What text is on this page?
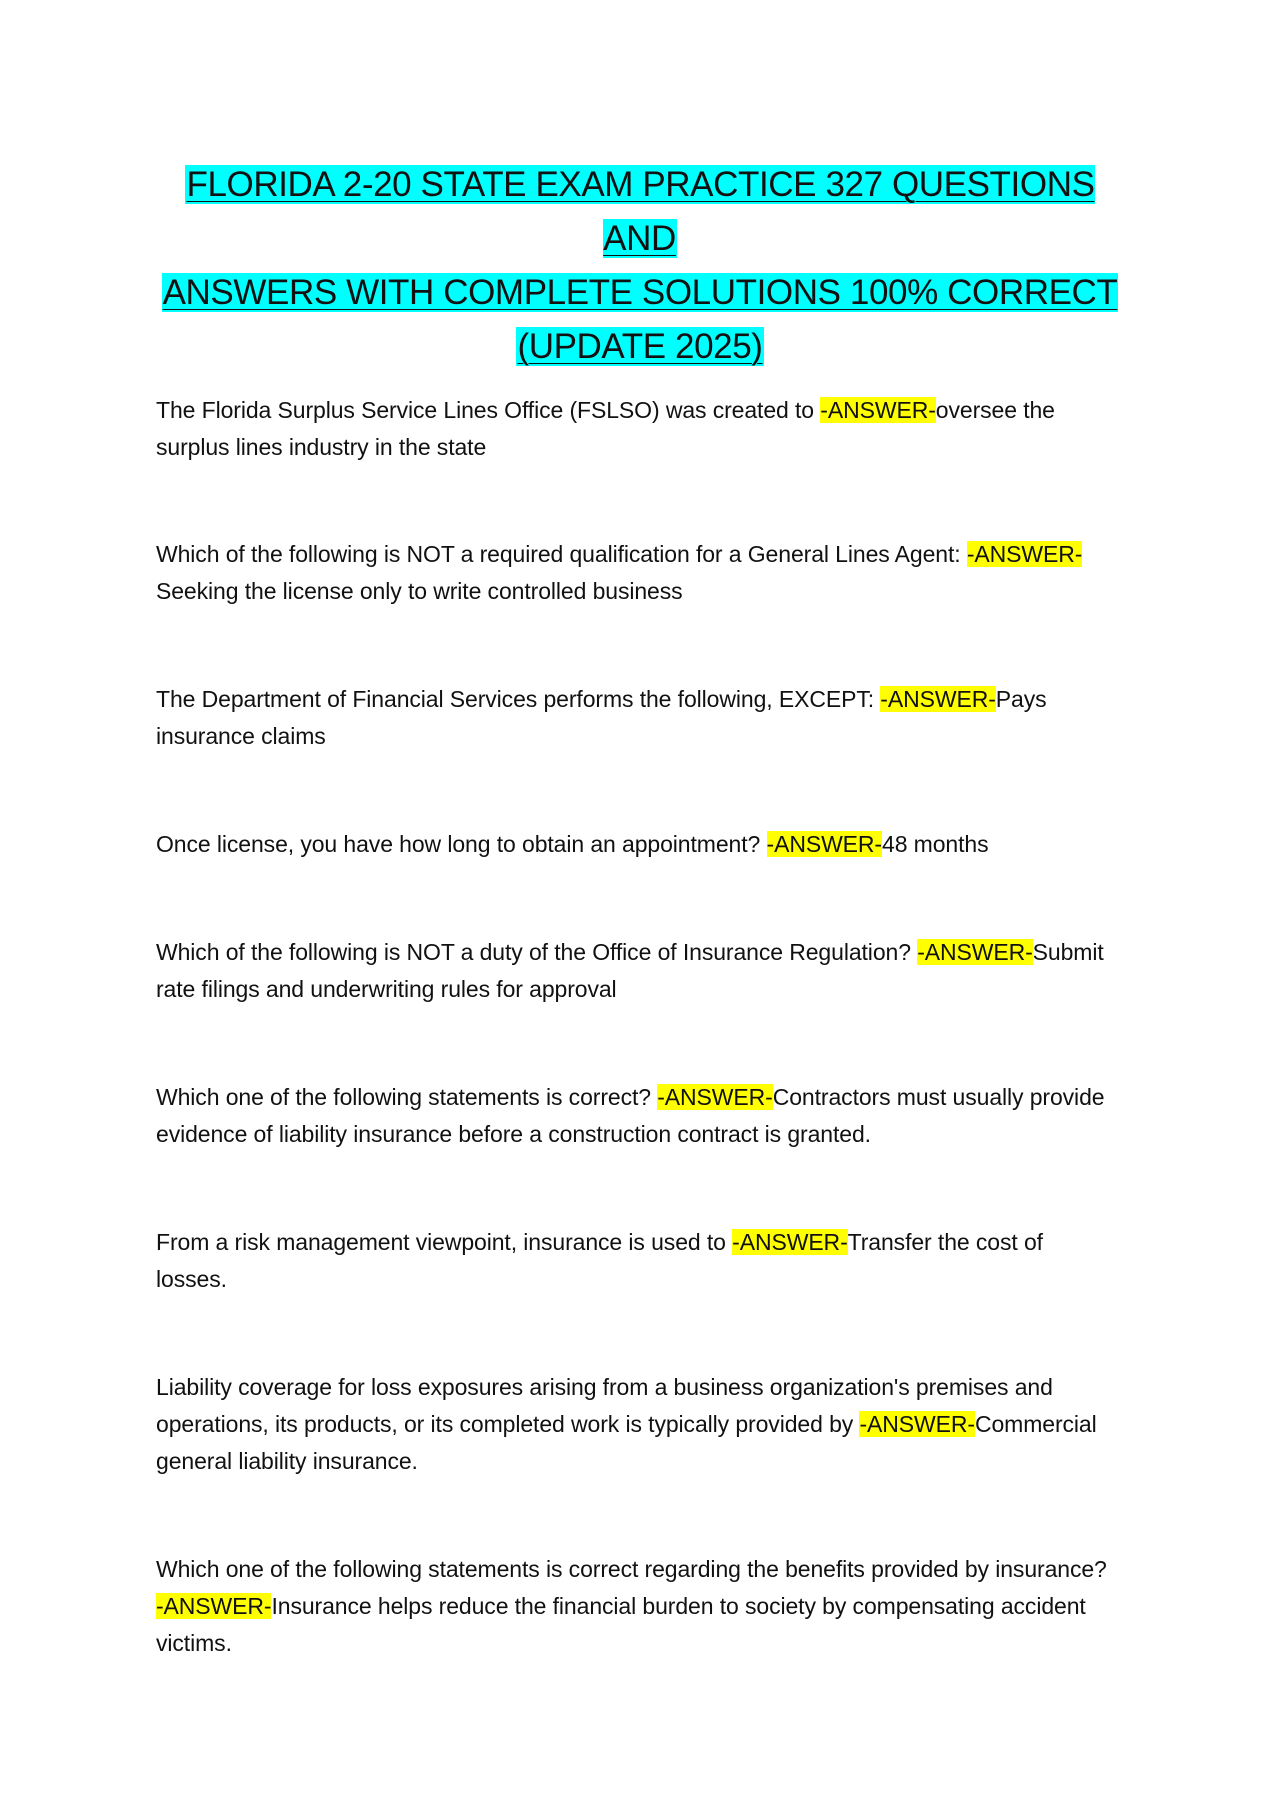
FLORIDA 2-20 STATE EXAM PRACTICE 327 QUESTIONS AND
ANSWERS WITH COMPLETE SOLUTIONS 100% CORRECT
(UPDATE 2025)

The Florida Surplus Service Lines Office (FSLSO) was created to -ANSWER-oversee the surplus lines industry in the state

Which of the following is NOT a required qualification for a General Lines Agent: -ANSWER-Seeking the license only to write controlled business

The Department of Financial Services performs the following, EXCEPT: -ANSWER-Pays insurance claims

Once license, you have how long to obtain an appointment? -ANSWER-48 months

Which of the following is NOT a duty of the Office of Insurance Regulation? -ANSWER-Submit rate filings and underwriting rules for approval

Which one of the following statements is correct? -ANSWER-Contractors must usually provide evidence of liability insurance before a construction contract is granted.

From a risk management viewpoint, insurance is used to -ANSWER-Transfer the cost of losses.

Liability coverage for loss exposures arising from a business organization's premises and operations, its products, or its completed work is typically provided by -ANSWER-Commercial general liability insurance.

Which one of the following statements is correct regarding the benefits provided by insurance? -ANSWER-Insurance helps reduce the financial burden to society by compensating accident victims.
